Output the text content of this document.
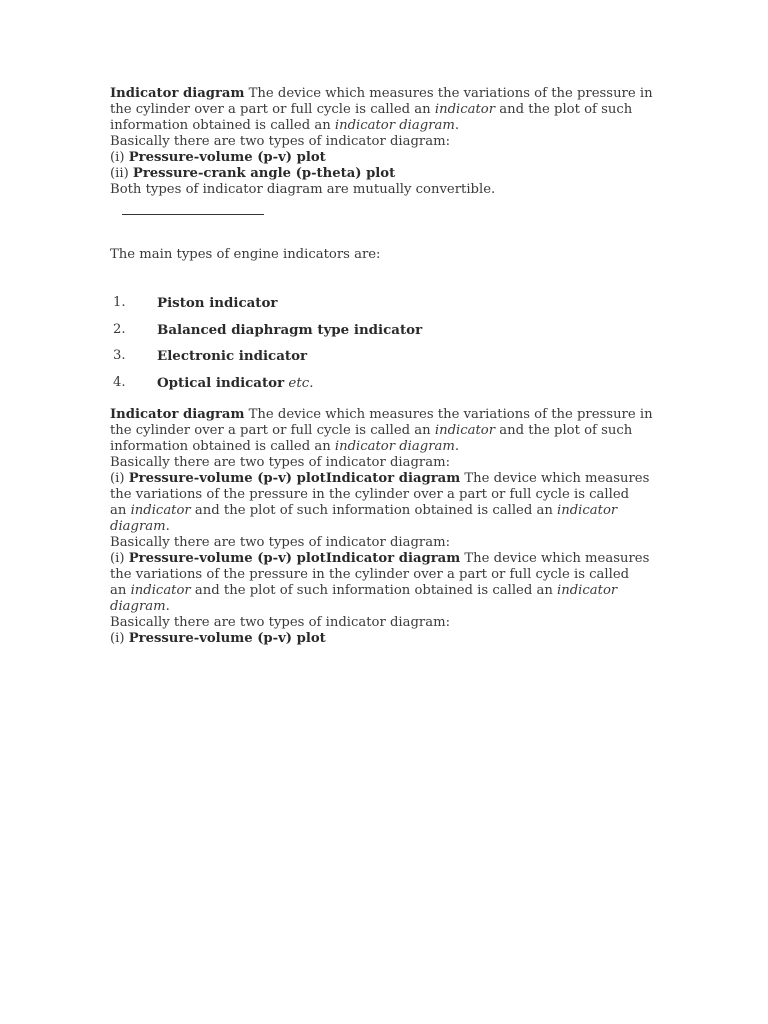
Indicator diagram The device which measures the variations of the pressure in
the cylinder over a part or full cycle is called an indicator and the plot of such
information obtained is called an indicator diagram.
Basically there are two types of indicator diagram:
(i) Pressure-volume (p-v) plot
(ii) Pressure-crank angle (p-theta) plot
Both types of indicator diagram are mutually convertible.
The main types of engine indicators are:
1. Piston indicator
2. Balanced diaphragm type indicator
3. Electronic indicator
4. Optical indicator etc.
Indicator diagram The device which measures the variations of the pressure in
the cylinder over a part or full cycle is called an indicator and the plot of such
information obtained is called an indicator diagram.
Basically there are two types of indicator diagram:
(i) Pressure-volume (p-v) plotIndicator diagram The device which measures
the variations of the pressure in the cylinder over a part or full cycle is called
an indicator and the plot of such information obtained is called an indicator
diagram.
Basically there are two types of indicator diagram:
(i) Pressure-volume (p-v) plotIndicator diagram The device which measures
the variations of the pressure in the cylinder over a part or full cycle is called
an indicator and the plot of such information obtained is called an indicator
diagram.
Basically there are two types of indicator diagram:
(i) Pressure-volume (p-v) plot
